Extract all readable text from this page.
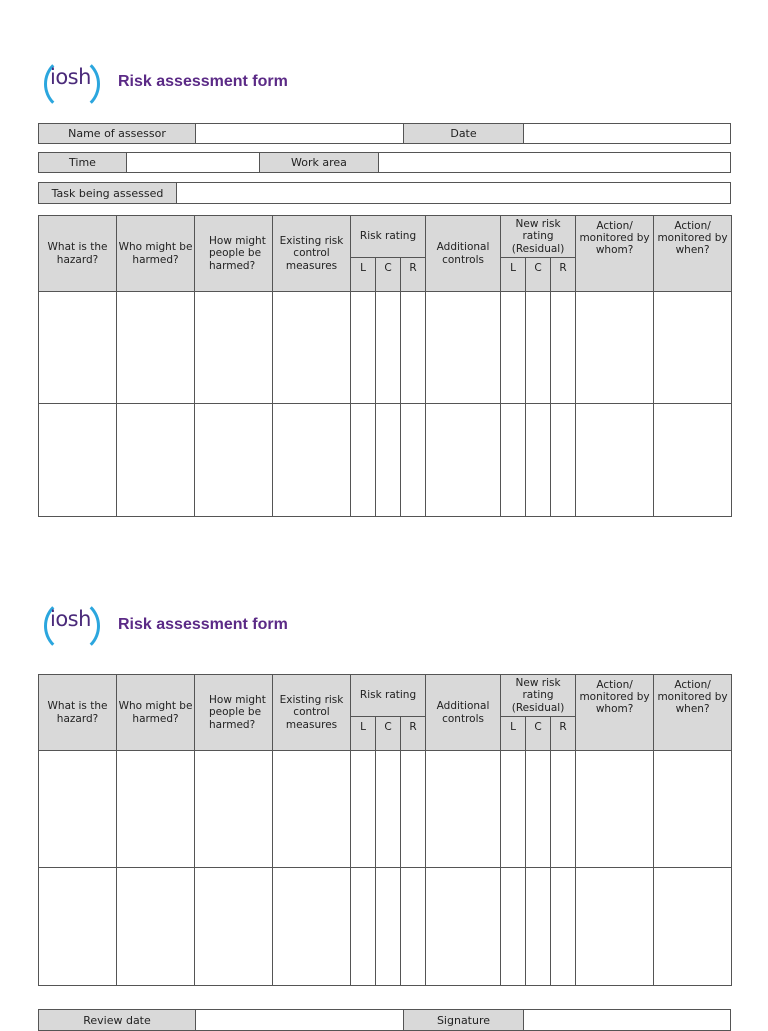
iosh Risk assessment form
Name of assessor	Date
Time	Work area
Task being assessed
What is the hazard?	Who might be harmed?	How might people be harmed?	Existing risk control measures	Risk rating			Additional controls	New risk rating (Residual)			Action/ monitored by whom?	Action/ monitored by when?
				L	C	R		L	C	R		

iosh Risk assessment form
What is the hazard?	Who might be harmed?	How might people be harmed?	Existing risk control measures	Risk rating			Additional controls	New risk rating (Residual)			Action/ monitored by whom?	Action/ monitored by when?
				L	C	R		L	C	R		

Review date	Signature
